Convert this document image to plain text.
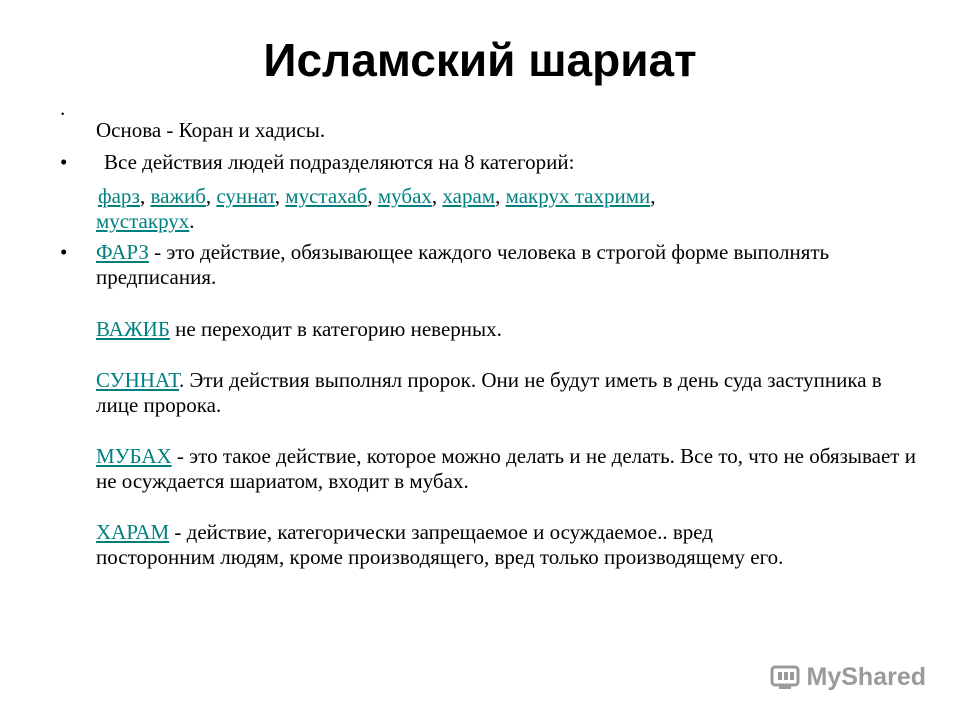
Исламский шариат
.
Основа - Коран и хадисы.
• Все действия людей подразделяются на 8 категорий:
фарз, важиб, суннат, мустахаб, мубах, харам, макрух тахрими, мустакрух.
• ФАРЗ - это действие, обязывающее каждого человека в строгой форме выполнять предписания.
ВАЖИБ не переходит в категорию неверных.
СУННАТ. Эти действия выполнял пророк. Они не будут иметь в день суда заступника в лице пророка.
МУБАХ - это такое действие, которое можно делать и не делать. Все то, что не обязывает и не осуждается шариатом, входит в мубах.
ХАРАМ - действие, категорически запрещаемое и осуждаемое.. вред посторонним людям, кроме производящего, вред только производящему его.
MyShared
